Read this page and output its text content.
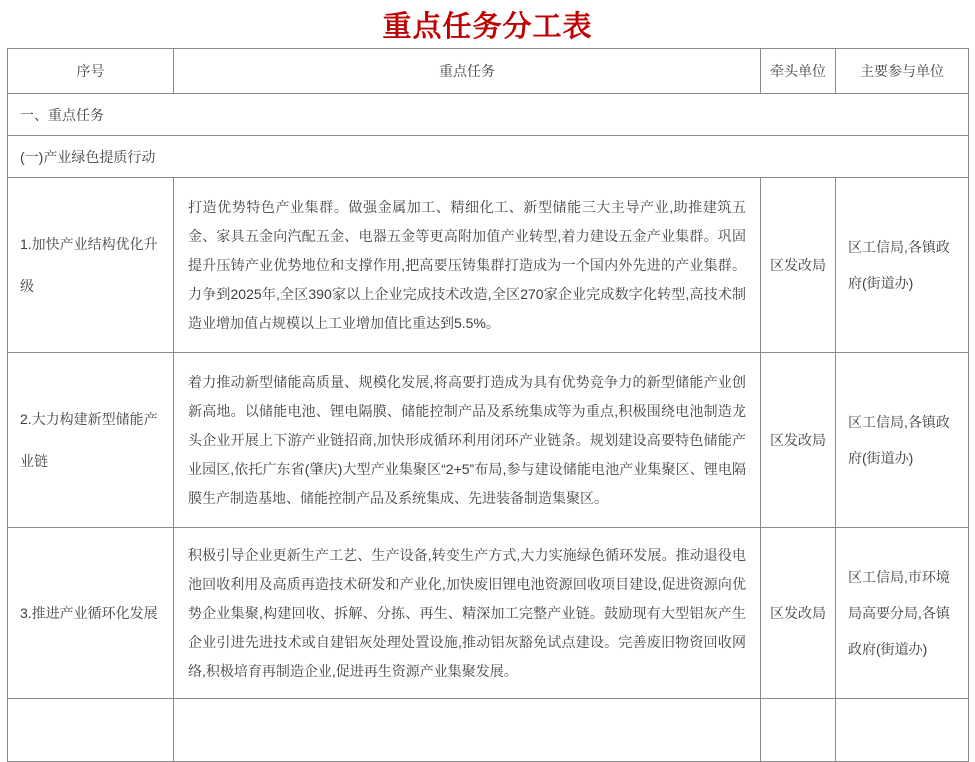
重点任务分工表
序号	重点任务	牵头单位	主要参与单位
一、重点任务			
(一)产业绿色提质行动			
1.加快产业结构优化升级	打造优势特色产业集群。做强金属加工、精细化工、新型储能三大主导产业,助推建筑五金、家具五金向汽配五金、电器五金等更高附加值产业转型,着力建设五金产业集群。巩固提升压铸产业优势地位和支撑作用,把高要压铸集群打造成为一个国内外先进的产业集群。力争到2025年,全区390家以上企业完成技术改造,全区270家企业完成数字化转型,高技术制造业增加值占规模以上工业增加值比重达到5.5%。	区发改局	区工信局,各镇政府(街道办)
2.大力构建新型储能产业链	着力推动新型储能高质量、规模化发展,将高要打造成为具有优势竞争力的新型储能产业创新高地。以储能电池、锂电隔膜、储能控制产品及系统集成等为重点,积极围绕电池制造龙头企业开展上下游产业链招商,加快形成循环利用闭环产业链条。规划建设高要特色储能产业园区,依托广东省(肇庆)大型产业集聚区“2+5”布局,参与建设储能电池产业集聚区、锂电隔膜生产制造基地、储能控制产品及系统集成、先进装备制造集聚区。	区发改局	区工信局,各镇政府(街道办)
3.推进产业循环化发展	积极引导企业更新生产工艺、生产设备,转变生产方式,大力实施绿色循环发展。推动退役电池回收利用及高质再造技术研发和产业化,加快废旧锂电池资源回收项目建设,促进资源向优势企业集聚,构建回收、拆解、分拣、再生、精深加工完整产业链。鼓励现有大型铝灰产生企业引进先进技术或自建铝灰处理处置设施,推动铝灰豁免试点建设。完善废旧物资回收网络,积极培育再制造企业,促进再生资源产业集聚发展。	区发改局	区工信局,市环境局高要分局,各镇政府(街道办)
